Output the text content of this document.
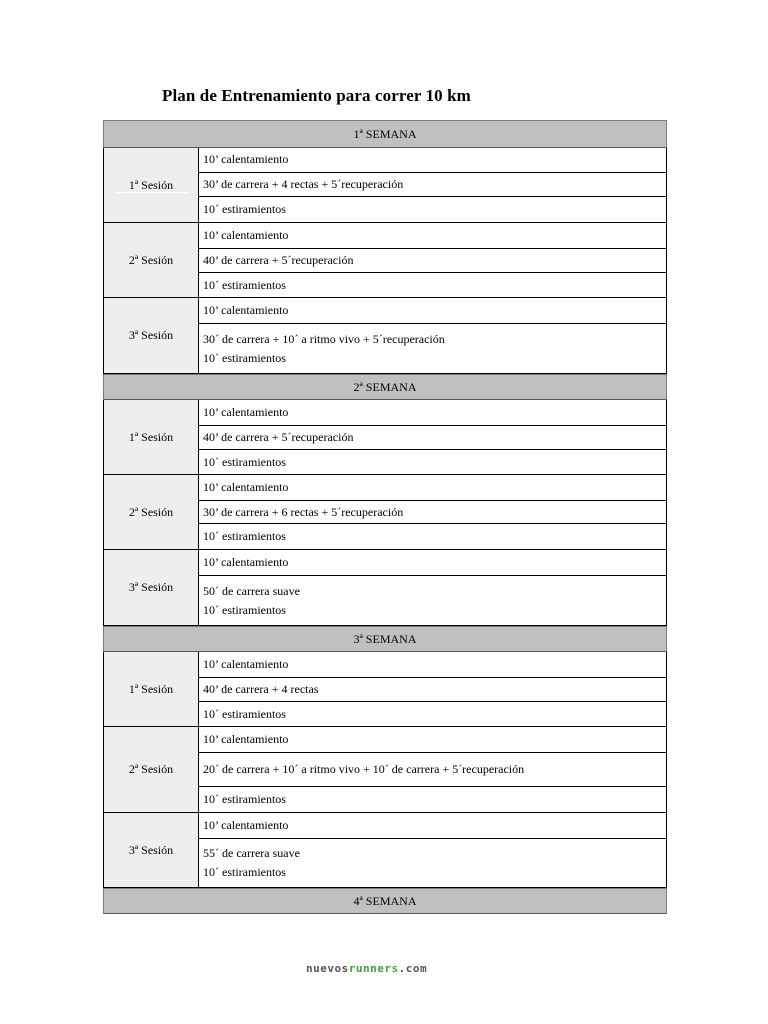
Plan de Entrenamiento para correr 10 km
1ª SEMANA
1ª Sesión
10’ calentamiento
30’ de carrera + 4 rectas + 5´recuperación
10´ estiramientos
2ª Sesión
10’ calentamiento
40’ de carrera + 5´recuperación
10´ estiramientos
3ª Sesión
10’ calentamiento
30´ de carrera + 10´ a ritmo vivo + 5´recuperación
10´ estiramientos
2ª SEMANA
1ª Sesión
10’ calentamiento
40’ de carrera + 5´recuperación
10´ estiramientos
2ª Sesión
10’ calentamiento
30’ de carrera + 6 rectas + 5´recuperación
10´ estiramientos
3ª Sesión
10’ calentamiento
50´ de carrera suave
10´ estiramientos
3ª SEMANA
1ª Sesión
10’ calentamiento
40’ de carrera + 4 rectas
10´ estiramientos
2ª Sesión
10’ calentamiento
20´ de carrera + 10´ a ritmo vivo + 10´ de carrera + 5´recuperación
10´ estiramientos
3ª Sesión
10’ calentamiento
55´ de carrera suave
10´ estiramientos
4ª SEMANA
nuevosrunners.com
